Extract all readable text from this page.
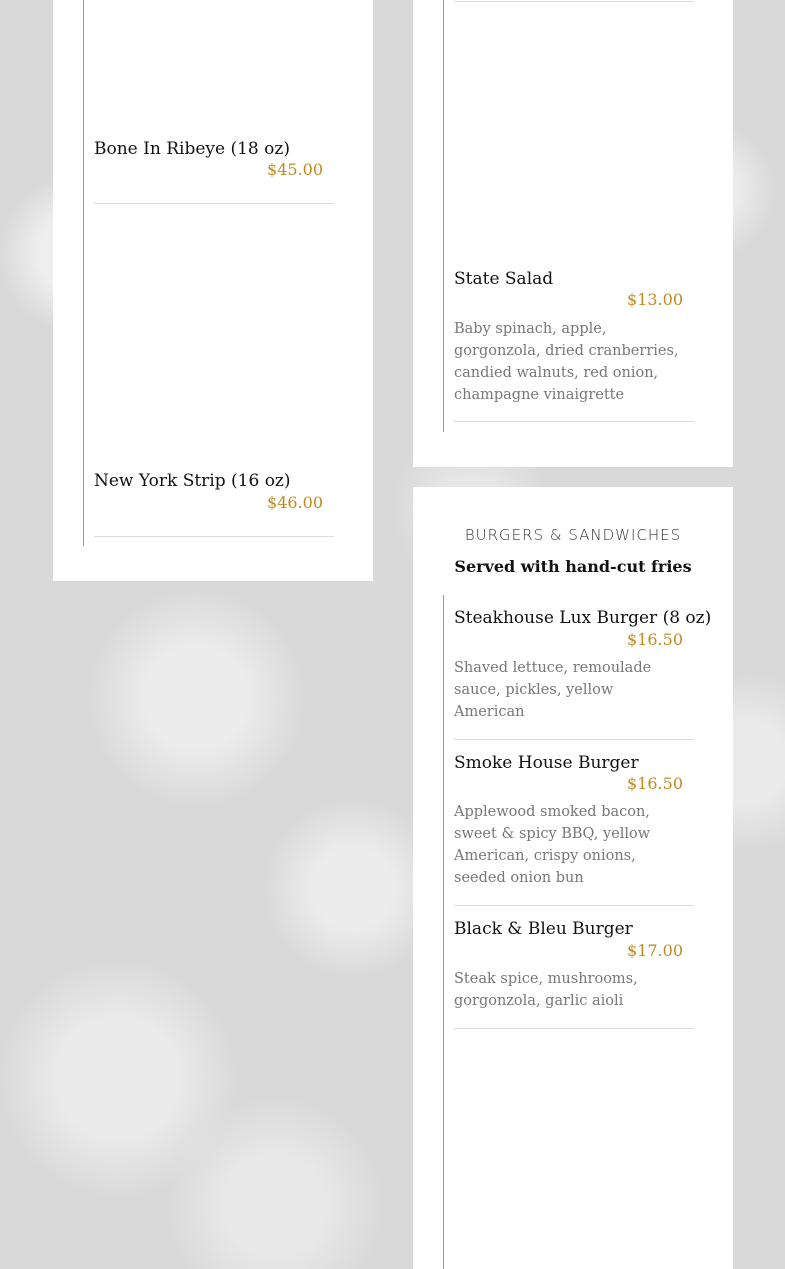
Bone In Ribeye (18 oz)
$45.00
New York Strip (16 oz)
$46.00
State Salad
$13.00
Baby spinach, apple, gorgonzola, dried cranberries, candied walnuts, red onion, champagne vinaigrette
BURGERS & SANDWICHES
Served with hand-cut fries
Steakhouse Lux Burger (8 oz)
$16.50
Shaved lettuce, remoulade sauce, pickles, yellow American
Smoke House Burger
$16.50
Applewood smoked bacon, sweet & spicy BBQ, yellow American, crispy onions, seeded onion bun
Black & Bleu Burger
$17.00
Steak spice, mushrooms, gorgonzola, garlic aioli
